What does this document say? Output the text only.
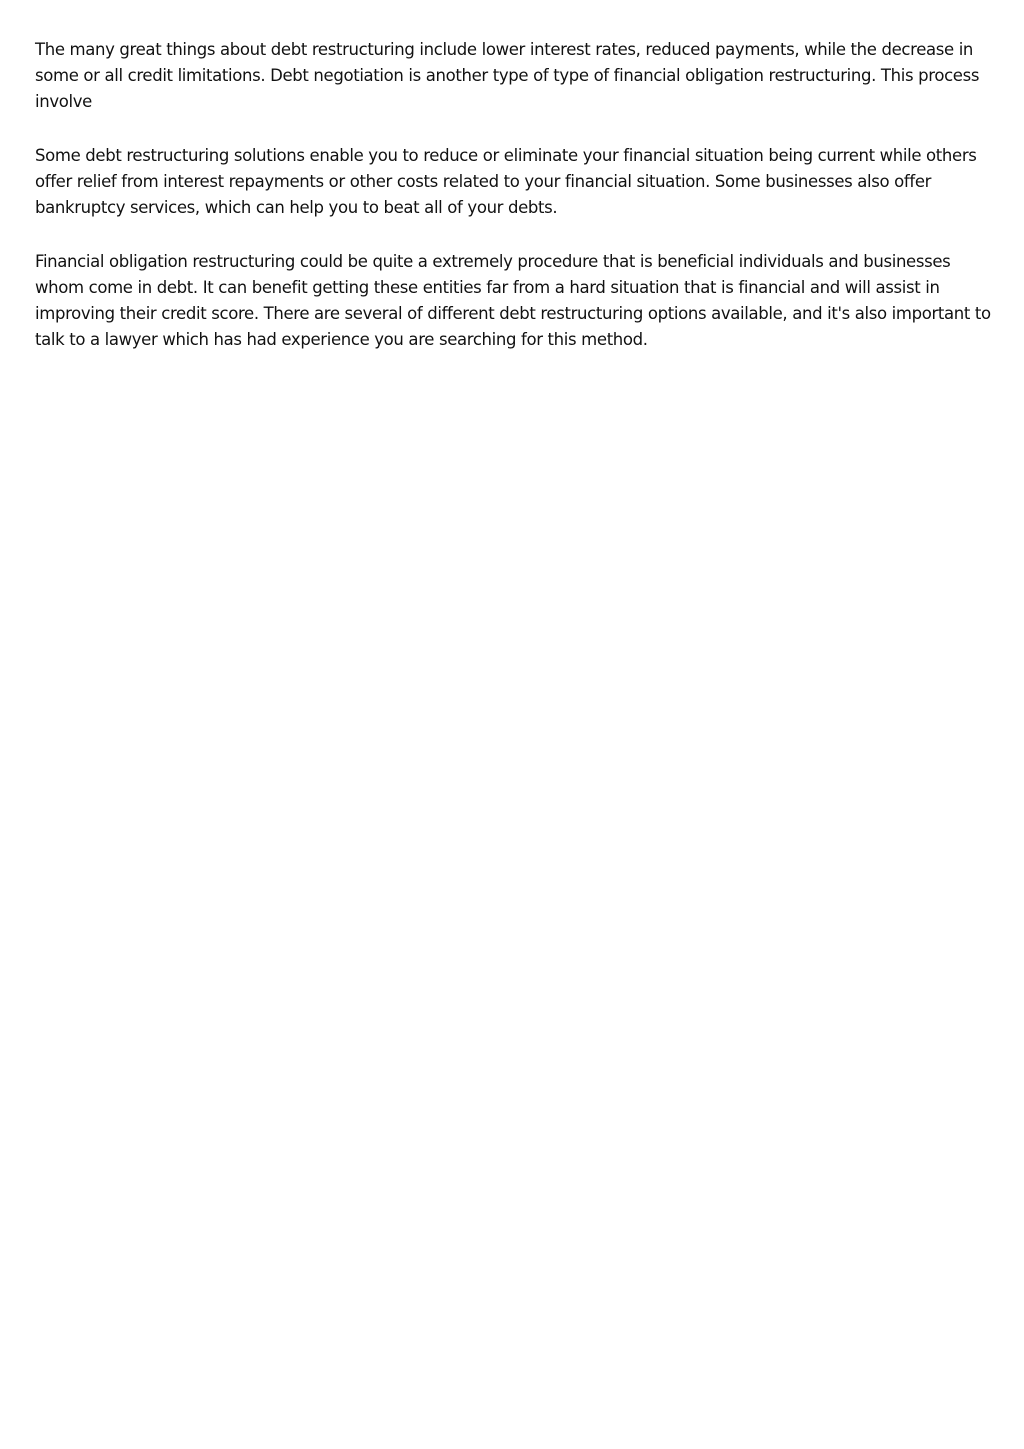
The many great things about debt restructuring include lower interest rates, reduced payments, while the decrease in some or all credit limitations. Debt negotiation is another type of type of financial obligation restructuring. This process involve

Some debt restructuring solutions enable you to reduce or eliminate your financial situation being current while others offer relief from interest repayments or other costs related to your financial situation. Some businesses also offer bankruptcy services, which can help you to beat all of your debts.

Financial obligation restructuring could be quite a extremely procedure that is beneficial individuals and businesses whom come in debt. It can benefit getting these entities far from a hard situation that is financial and will assist in improving their credit score. There are several of different debt restructuring options available, and it's also important to talk to a lawyer which has had experience you are searching for this method.
